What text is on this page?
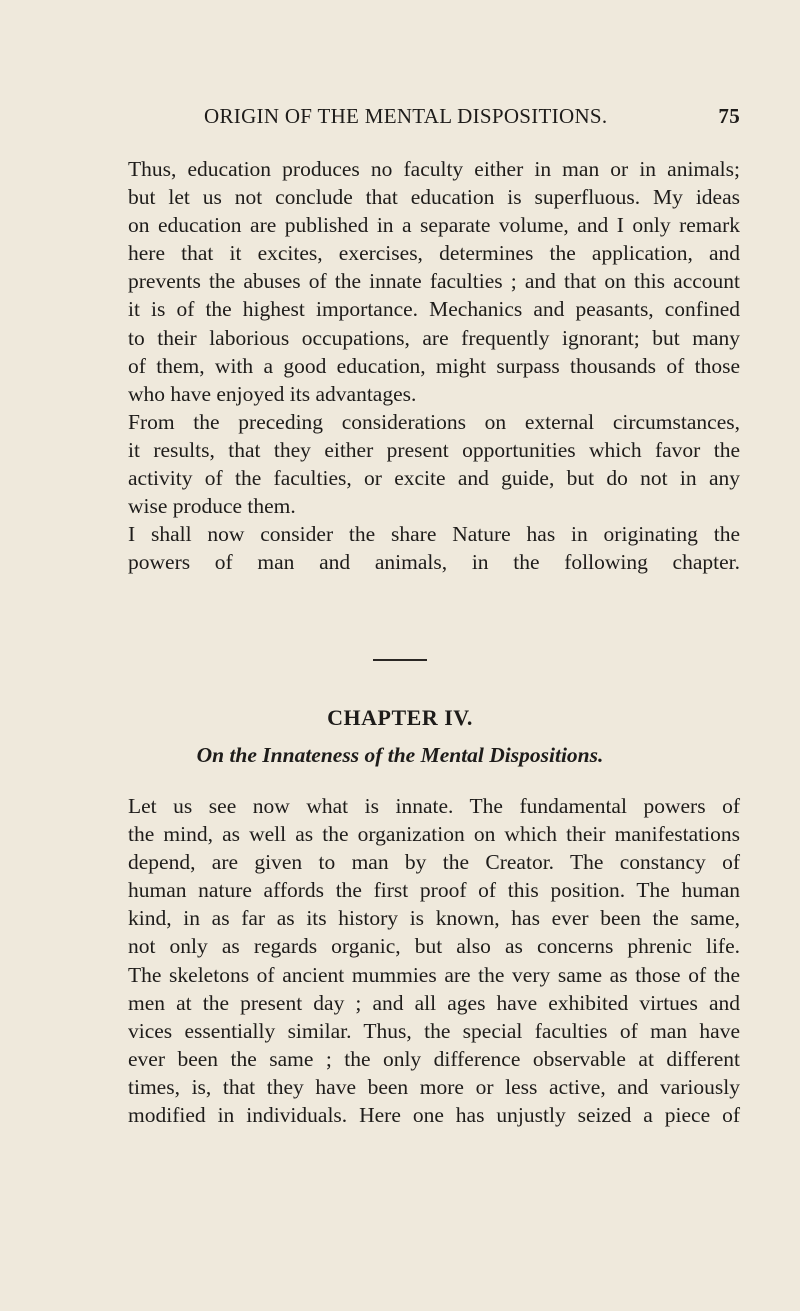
ORIGIN OF THE MENTAL DISPOSITIONS.	75
Thus, education produces no faculty either in man or in animals;
but let us not conclude that education is superfluous. My ideas
on education are published in a separate volume, and I only remark
here that it excites, exercises, determines the application, and
prevents the abuses of the innate faculties ; and that on this account
it is of the highest importance. Mechanics and peasants, confined
to their laborious occupations, are frequently ignorant; but many
of them, with a good education, might surpass thousands of those
who have enjoyed its advantages.
From the preceding considerations on external circumstances,
it results, that they either present opportunities which favor the
activity of the faculties, or excite and guide, but do not in any
wise produce them.
I shall now consider the share Nature has in originating the
powers of man and animals, in the following chapter.
CHAPTER IV.
On the Innateness of the Mental Dispositions.
Let us see now what is innate. The fundamental powers of
the mind, as well as the organization on which their manifestations
depend, are given to man by the Creator. The constancy of
human nature affords the first proof of this position. The human
kind, in as far as its history is known, has ever been the same,
not only as regards organic, but also as concerns phrenic life.
The skeletons of ancient mummies are the very same as those of the
men at the present day ; and all ages have exhibited virtues and
vices essentially similar. Thus, the special faculties of man have
ever been the same ; the only difference observable at different
times, is, that they have been more or less active, and variously
modified in individuals. Here one has unjustly seized a piece of
